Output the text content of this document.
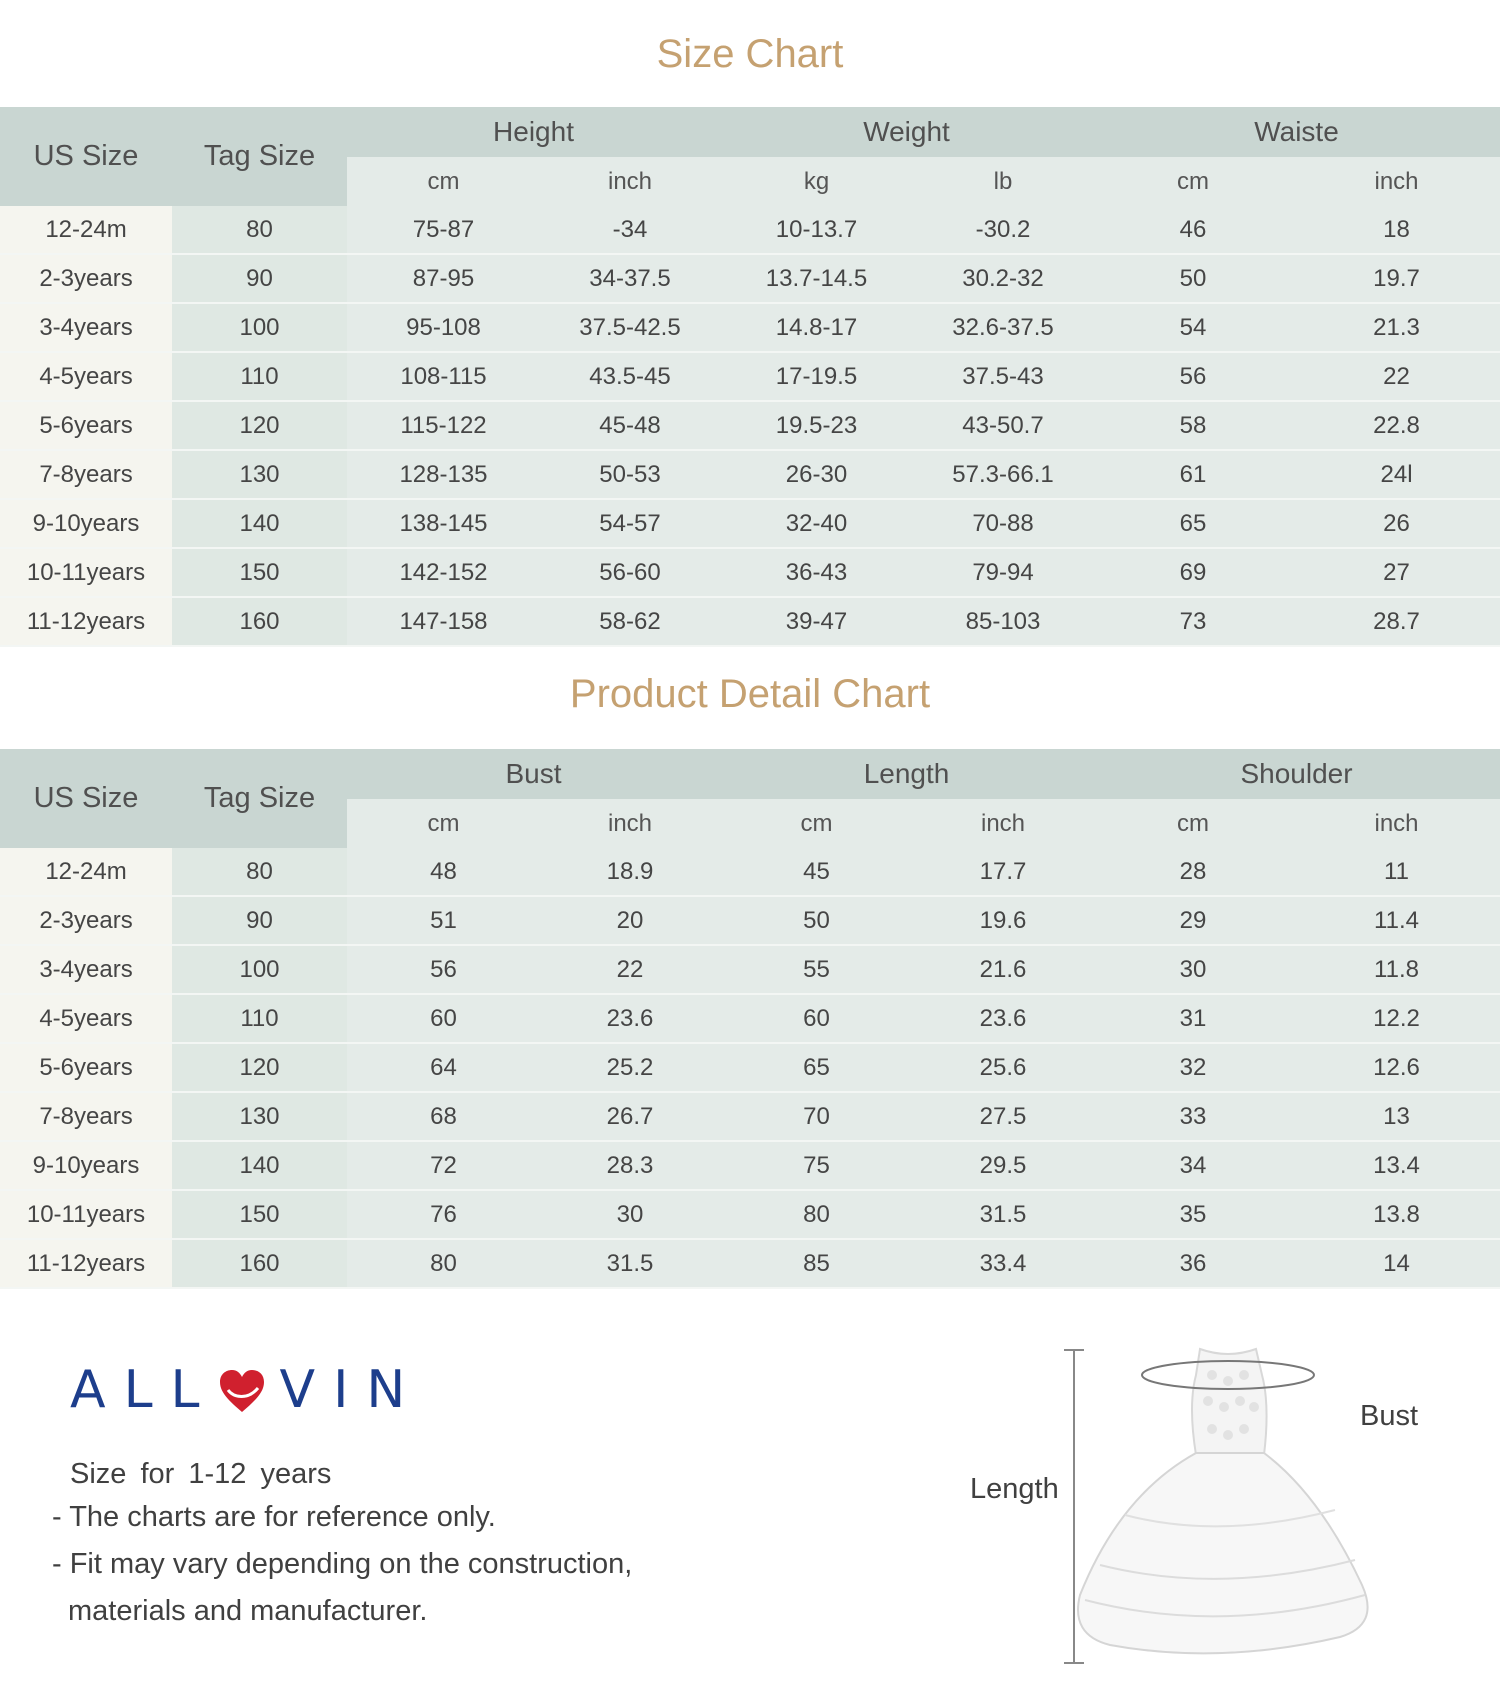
Size Chart
US Size	Tag Size	Height		Weight		Waiste	
		cm	inch	kg	lb	cm	inch
12-24m	80	75-87	-34	10-13.7	-30.2	46	18
2-3years	90	87-95	34-37.5	13.7-14.5	30.2-32	50	19.7
3-4years	100	95-108	37.5-42.5	14.8-17	32.6-37.5	54	21.3
4-5years	110	108-115	43.5-45	17-19.5	37.5-43	56	22
5-6years	120	115-122	45-48	19.5-23	43-50.7	58	22.8
7-8years	130	128-135	50-53	26-30	57.3-66.1	61	24l
9-10years	140	138-145	54-57	32-40	70-88	65	26
10-11years	150	142-152	56-60	36-43	79-94	69	27
11-12years	160	147-158	58-62	39-47	85-103	73	28.7
Product Detail Chart
US Size	Tag Size	Bust		Length		Shoulder	
		cm	inch	cm	inch	cm	inch
12-24m	80	48	18.9	45	17.7	28	11
2-3years	90	51	20	50	19.6	29	11.4
3-4years	100	56	22	55	21.6	30	11.8
4-5years	110	60	23.6	60	23.6	31	12.2
5-6years	120	64	25.2	65	25.6	32	12.6
7-8years	130	68	26.7	70	27.5	33	13
9-10years	140	72	28.3	75	29.5	34	13.4
10-11years	150	76	30	80	31.5	35	13.8
11-12years	160	80	31.5	85	33.4	36	14
ALL VIN
Size for 1-12 years
- The charts are for reference only.
- Fit may vary depending on the construction,
materials and manufacturer.
Bust
Length
